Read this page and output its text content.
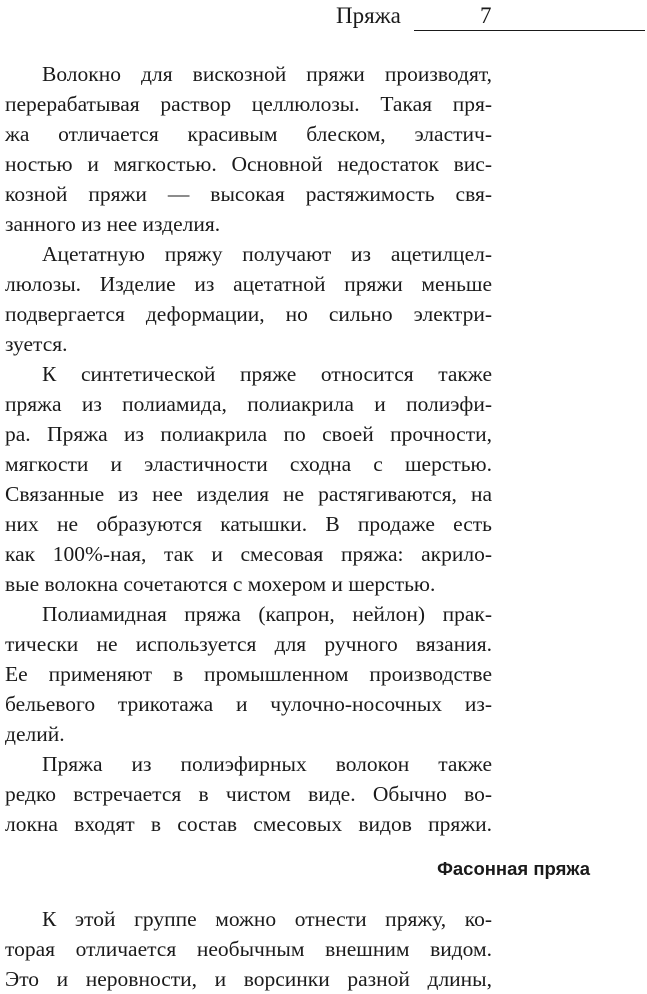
Пряжа	7
Волокно для вискозной пряжи производят,
перерабатывая раствор целлюлозы. Такая пря-
жа отличается красивым блеском, эластич-
ностью и мягкостью. Основной недостаток вис-
козной пряжи — высокая растяжимость свя-
занного из нее изделия.
Ацетатную пряжу получают из ацетилцел-
люлозы. Изделие из ацетатной пряжи меньше
подвергается деформации, но сильно электри-
зуется.
К синтетической пряже относится также
пряжа из полиамида, полиакрила и полиэфи-
ра. Пряжа из полиакрила по своей прочности,
мягкости и эластичности сходна с шерстью.
Связанные из нее изделия не растягиваются, на
них не образуются катышки. В продаже есть
как 100%-ная, так и смесовая пряжа: акрило-
вые волокна сочетаются с мохером и шерстью.
Полиамидная пряжа (капрон, нейлон) прак-
тически не используется для ручного вязания.
Ее применяют в промышленном производстве
бельевого трикотажа и чулочно-носочных из-
делий.
Пряжа из полиэфирных волокон также
редко встречается в чистом виде. Обычно во-
локна входят в состав смесовых видов пряжи.
Фасонная пряжа
К этой группе можно отнести пряжу, ко-
торая отличается необычным внешним видом.
Это и неровности, и ворсинки разной длины,
